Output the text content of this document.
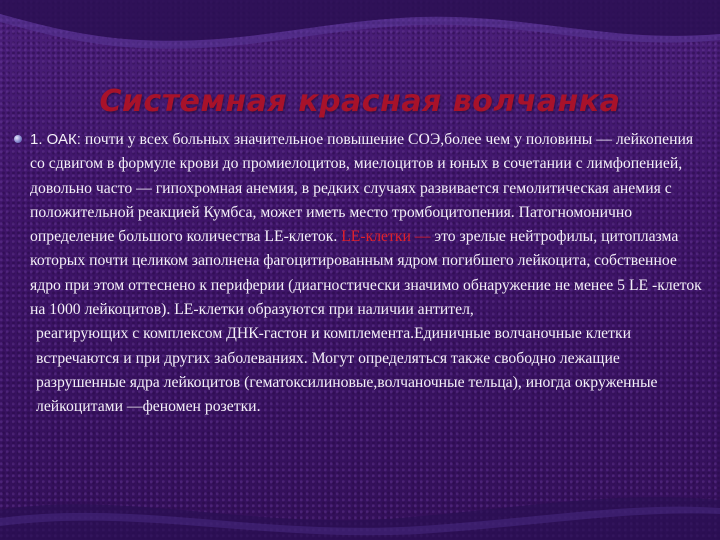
Системная красная волчанка

1. ОАК: почти у всех больных значительное повышение СОЭ,более чем у половины — лейкопения со сдвигом в формуле крови до промиелоцитов, миелоцитов и юных в сочетании с лимфопенией, довольно часто — гипохромная анемия, в редких случаях развивается гемолитическая анемия с положительной реакцией Кумбса, может иметь место тромбоцитопения. Патогномонично определение большого количества LE-клеток. LE-клетки — это зрелые нейтрофилы, цитоплазма которых почти целиком заполнена фагоцитированным ядром погибшего лейкоцита, собственное ядро при этом оттеснено к периферии (диагностически значимо обнаружение не менее 5 LE -клеток на 1000 лейкоцитов). LE-клетки образуются при наличии антител,

реагирующих с комплексом ДНК-гастон и комплемента.Единичные волчаночные клетки встречаются и при других заболеваниях. Могут определяться также свободно лежащие разрушенные ядра лейкоцитов (гематоксилиновые,волчаночные тельца), иногда окруженные лейкоцитами —феномен розетки.
